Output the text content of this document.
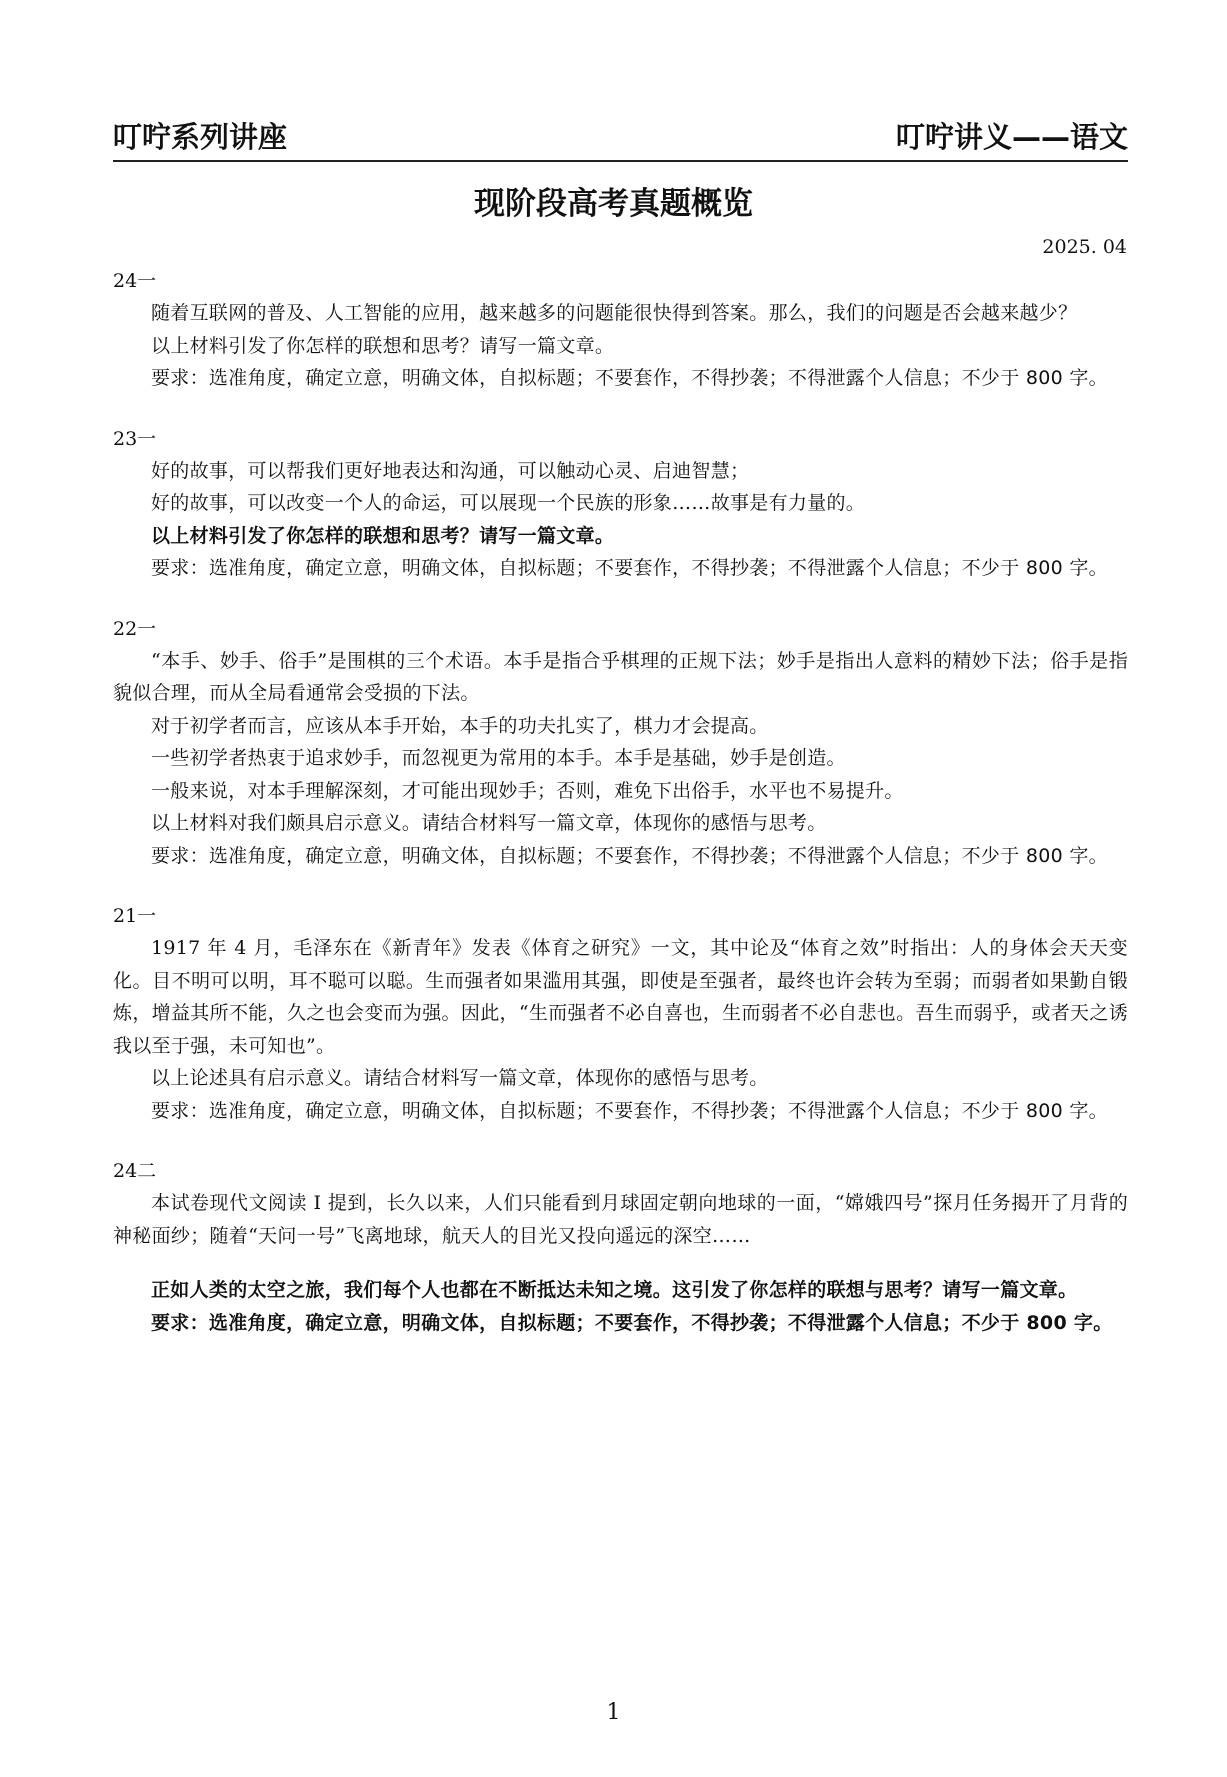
叮咛系列讲座	叮咛讲义——语文
现阶段高考真题概览
2025. 04
24一

随着互联网的普及、人工智能的应用，越来越多的问题能很快得到答案。那么，我们的问题是否会越来越少？

以上材料引发了你怎样的联想和思考？请写一篇文章。

要求：选准角度，确定立意，明确文体，自拟标题；不要套作，不得抄袭；不得泄露个人信息；不少于 800 字。

23一

好的故事，可以帮我们更好地表达和沟通，可以触动心灵、启迪智慧；

好的故事，可以改变一个人的命运，可以展现一个民族的形象……故事是有力量的。

以上材料引发了你怎样的联想和思考？请写一篇文章。

要求：选准角度，确定立意，明确文体，自拟标题；不要套作，不得抄袭；不得泄露个人信息；不少于 800 字。

22一

“本手、妙手、俗手”是围棋的三个术语。本手是指合乎棋理的正规下法；妙手是指出人意料的精妙下法；俗手是指貌似合理，而从全局看通常会受损的下法。

对于初学者而言，应该从本手开始，本手的功夫扎实了，棋力才会提高。

一些初学者热衷于追求妙手，而忽视更为常用的本手。本手是基础，妙手是创造。

一般来说，对本手理解深刻，才可能出现妙手；否则，难免下出俗手，水平也不易提升。

以上材料对我们颇具启示意义。请结合材料写一篇文章，体现你的感悟与思考。

要求：选准角度，确定立意，明确文体，自拟标题；不要套作，不得抄袭；不得泄露个人信息；不少于 800 字。

21一

1917 年 4 月，毛泽东在《新青年》发表《体育之研究》一文，其中论及“体育之效”时指出：人的身体会天天变化。目不明可以明，耳不聪可以聪。生而强者如果滥用其强，即使是至强者，最终也许会转为至弱；而弱者如果勤自锻炼，增益其所不能，久之也会变而为强。因此，“生而强者不必自喜也，生而弱者不必自悲也。吾生而弱乎，或者天之诱我以至于强，未可知也”。

以上论述具有启示意义。请结合材料写一篇文章，体现你的感悟与思考。

要求：选准角度，确定立意，明确文体，自拟标题；不要套作，不得抄袭；不得泄露个人信息；不少于 800 字。

24二

本试卷现代文阅读 I 提到，长久以来，人们只能看到月球固定朝向地球的一面，“嫦娥四号”探月任务揭开了月背的神秘面纱；随着“天问一号”飞离地球，航天人的目光又投向遥远的深空……

正如人类的太空之旅，我们每个人也都在不断抵达未知之境。这引发了你怎样的联想与思考？请写一篇文章。

要求：选准角度，确定立意，明确文体，自拟标题；不要套作，不得抄袭；不得泄露个人信息；不少于 800 字。

1
